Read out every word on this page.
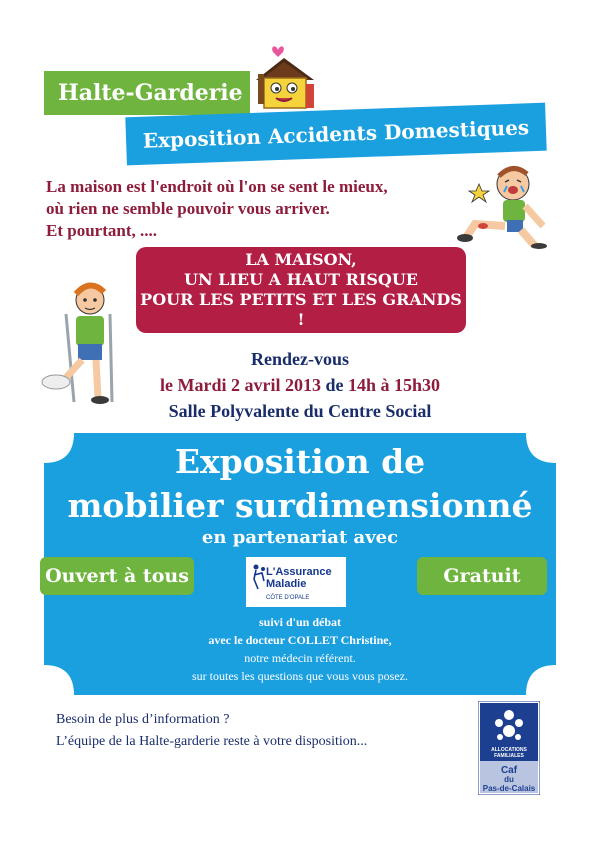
Halte-Garderie
Exposition Accidents Domestiques
La maison est l'endroit où l'on se sent le mieux,
où rien ne semble pouvoir vous arriver.
Et pourtant, ....
LA MAISON,
UN LIEU A HAUT RISQUE
POUR LES PETITS ET LES GRANDS !
Rendez-vous
le Mardi 2 avril 2013 de 14h à 15h30
Salle Polyvalente du Centre Social
Exposition de
mobilier surdimensionné
en partenariat avec
Ouvert à tous	Gratuit
L'Assurance
Maladie
CÔTE D'OPALE
suivi d'un débat
avec le docteur COLLET Christine,
notre médecin référent.
sur toutes les questions que vous vous posez.
Besoin de plus d’information ?
L’équipe de la Halte-garderie reste à votre disposition...
ALLOCATIONS
FAMILIALES
Caf
du
Pas-de-Calais
